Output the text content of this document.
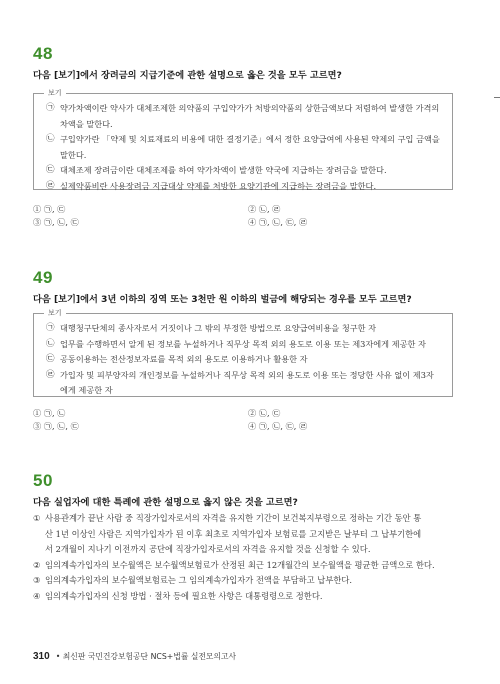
48
다음 [보기]에서 장려금의 지급기준에 관한 설명으로 옳은 것을 모두 고르면?
보기
㉠ 약가차액이란 약사가 대체조제한 의약품의 구입약가가 처방의약품의 상한금액보다 저렴하여 발생한 가격의 차액을 말한다.
㉡ 구입약가란 「약제 및 치료재료의 비용에 대한 결정기준」에서 정한 요양급여에 사용된 약제의 구입 금액을 말한다.
㉢ 대체조제 장려금이란 대체조제를 하여 약가차액이 발생한 약국에 지급하는 장려금을 말한다.
㉣ 실제약품비란 사용장려금 지급대상 약제를 처방한 요양기관에 지급하는 장려금을 말한다.
① ㉠, ㉢	② ㉡, ㉣
③ ㉠, ㉡, ㉢	④ ㉠, ㉡, ㉢, ㉣
49
다음 [보기]에서 3년 이하의 징역 또는 3천만 원 이하의 벌금에 해당되는 경우를 모두 고르면?
보기
㉠ 대행청구단체의 종사자로서 거짓이나 그 밖의 부정한 방법으로 요양급여비용을 청구한 자
㉡ 업무를 수행하면서 알게 된 정보를 누설하거나 직무상 목적 외의 용도로 이용 또는 제3자에게 제공한 자
㉢ 공동이용하는 전산정보자료를 목적 외의 용도로 이용하거나 활용한 자
㉣ 가입자 및 피부양자의 개인정보를 누설하거나 직무상 목적 외의 용도로 이용 또는 정당한 사유 없이 제3자에게 제공한 자
① ㉠, ㉡	② ㉡, ㉢
③ ㉠, ㉡, ㉢	④ ㉠, ㉡, ㉢, ㉣
50
다음 실업자에 대한 특례에 관한 설명으로 옳지 않은 것을 고르면?
① 사용관계가 끝난 사람 중 직장가입자로서의 자격을 유지한 기간이 보건복지부령으로 정하는 기간 동안 통
산 1년 이상인 사람은 지역가입자가 된 이후 최초로 지역가입자 보험료를 고지받은 날부터 그 납부기한에
서 2개월이 지나기 이전까지 공단에 직장가입자로서의 자격을 유지할 것을 신청할 수 있다.
② 임의계속가입자의 보수월액은 보수월액보험료가 산정된 최근 12개월간의 보수월액을 평균한 금액으로 한다.
③ 임의계속가입자의 보수월액보험료는 그 임의계속가입자가 전액을 부담하고 납부한다.
④ 임의계속가입자의 신청 방법 · 절차 등에 필요한 사항은 대통령령으로 정한다.
310 • 최신판 국민건강보험공단 NCS+법률 실전모의고사
